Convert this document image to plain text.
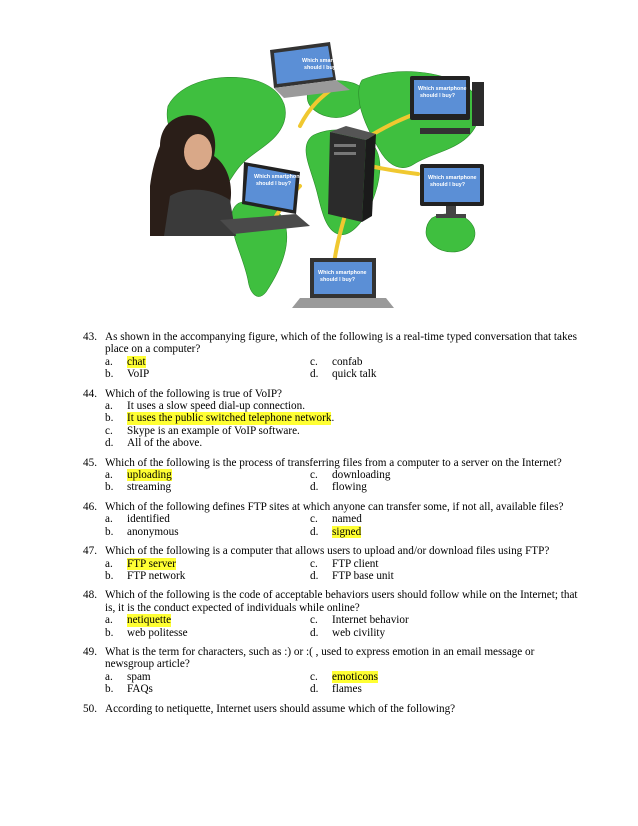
Which smartphone
should I buy?
Which smartphone
should I buy?
Which smartphone
should I buy?
Which smartphone
should I buy?
Which smartphone
should I buy?
43. As shown in the accompanying figure, which of the following is a real-time typed conversation that takes place on a computer?
a.	chat	c.	confab
b.	VoIP	d.	quick talk
44. Which of the following is true of VoIP?
a.	It uses a slow speed dial-up connection.
b.	It uses the public switched telephone network .
c.	Skype is an example of VoIP software.
d.	All of the above.
45. Which of the following is the process of transferring files from a computer to a server on the Internet?
a.	uploading	c.	downloading
b.	streaming	d.	flowing
46. Which of the following defines FTP sites at which anyone can transfer some, if not all, available files?
a.	identified	c.	named
b.	anonymous	d.	signed
47. Which of the following is a computer that allows users to upload and/or download files using FTP?
a.	FTP server	c.	FTP client
b.	FTP network	d.	FTP base unit
48. Which of the following is the code of acceptable behaviors users should follow while on the Internet; that is, it is the conduct expected of individuals while online?
a.	netiquette	c.	Internet behavior
b.	web politesse	d.	web civility
49. What is the term for characters, such as :) or :( , used to express emotion in an email message or newsgroup article?
a.	spam	c.	emoticons
b.	FAQs	d.	flames
50. According to netiquette, Internet users should assume which of the following?
